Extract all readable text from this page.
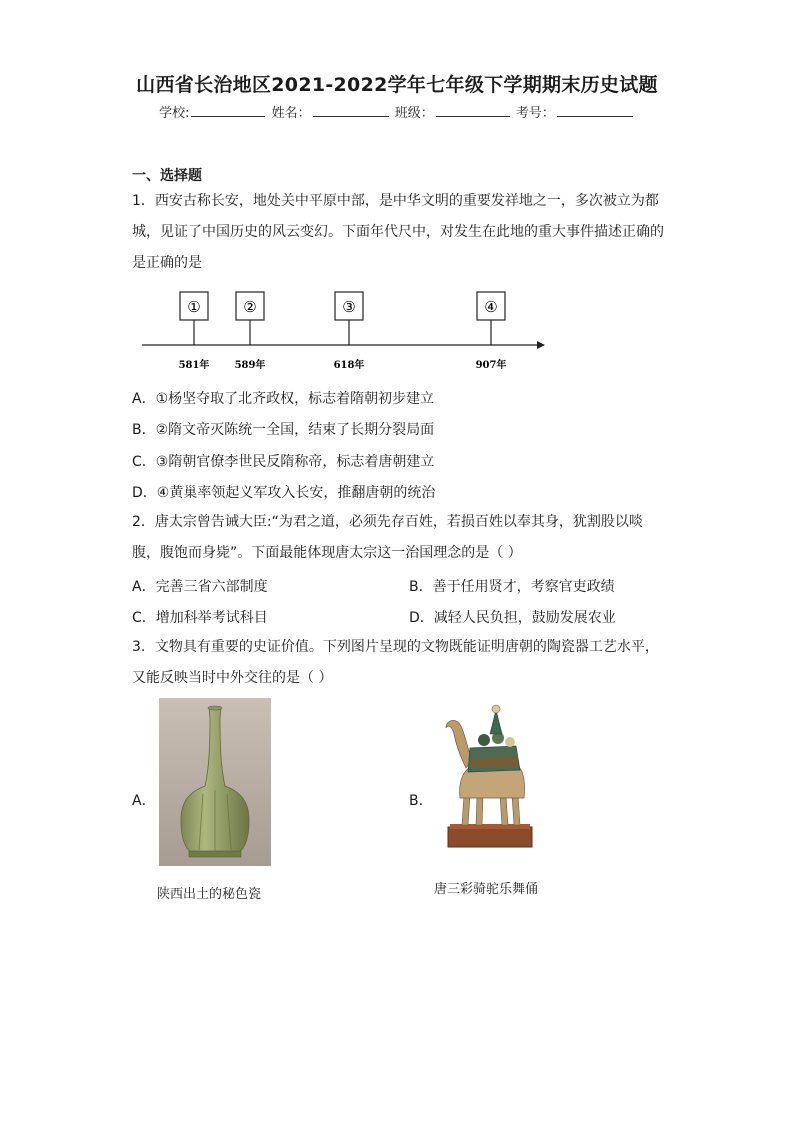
山西省长治地区2021-2022学年七年级下学期期末历史试题
学校:	姓名：	班级：	考号：
一、选择题
1．西安古称长安，地处关中平原中部，是中华文明的重要发祥地之一，多次被立为都城，见证了中国历史的风云变幻。下面年代尺中，对发生在此地的重大事件描述正确的是正确的是
①
581年
②
589年
③
618年
④
907年
A．①杨坚夺取了北齐政权，标志着隋朝初步建立
B．②隋文帝灭陈统一全国，结束了长期分裂局面
C．③隋朝官僚李世民反隋称帝，标志着唐朝建立
D．④黄巢率领起义军攻入长安，推翻唐朝的统治
2．唐太宗曾告诫大臣:“为君之道，必须先存百姓，若损百姓以奉其身，犹割股以啖腹，腹饱而身毙”。下面最能体现唐太宗这一治国理念的是（ ）
A．完善三省六部制度	B．善于任用贤才，考察官吏政绩
C．增加科举考试科目	D．减轻人民负担，鼓励发展农业
3．文物具有重要的史证价值。下列图片呈现的文物既能证明唐朝的陶瓷器工艺水平，又能反映当时中外交往的是（ ）
A．
陕西出土的秘色瓷
B．
唐三彩骑驼乐舞俑
